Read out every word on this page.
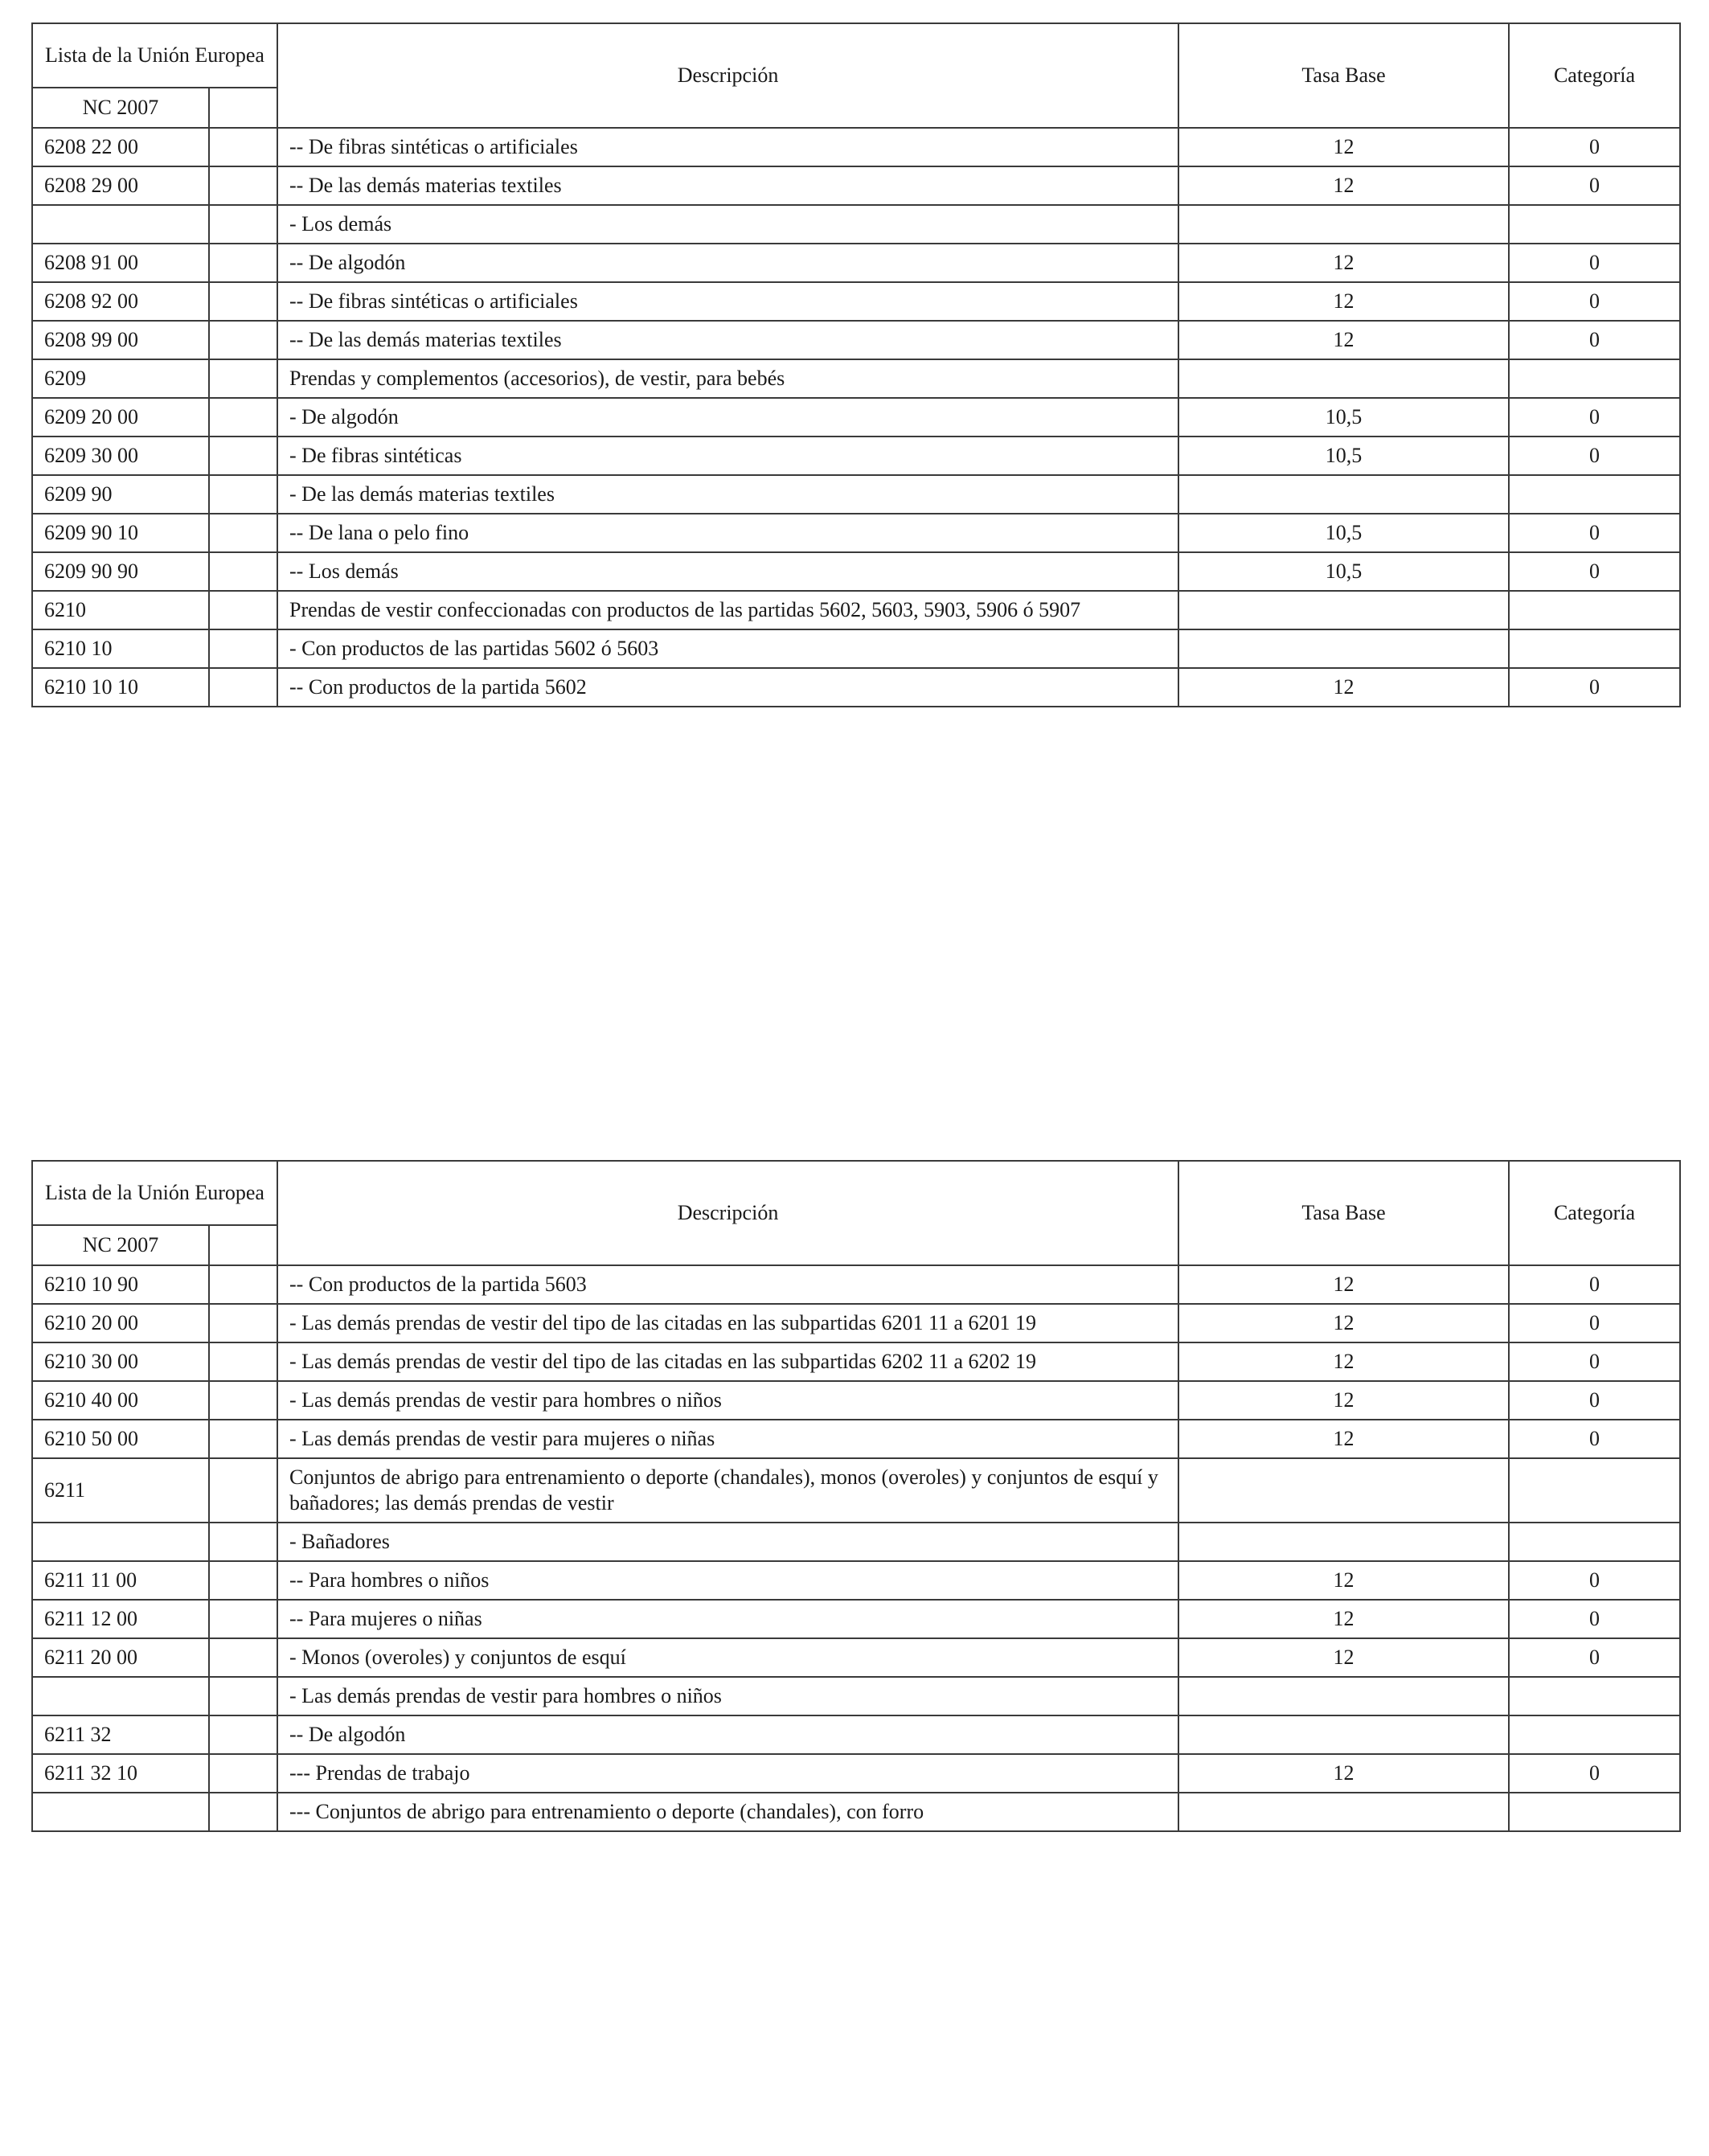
Lista de la Unión Europea		Descripción	Tasa Base	Categoría
NC 2007				
6208 22 00		-- De fibras sintéticas o artificiales	12	0
6208 29 00		-- De las demás materias textiles	12	0
		- Los demás		
6208 91 00		-- De algodón	12	0
6208 92 00		-- De fibras sintéticas o artificiales	12	0
6208 99 00		-- De las demás materias textiles	12	0
6209		Prendas y complementos (accesorios), de vestir, para bebés		
6209 20 00		- De algodón	10,5	0
6209 30 00		- De fibras sintéticas	10,5	0
6209 90		- De las demás materias textiles		
6209 90 10		-- De lana o pelo fino	10,5	0
6209 90 90		-- Los demás	10,5	0
6210		Prendas de vestir confeccionadas con productos de las partidas 5602, 5603, 5903, 5906 ó 5907		
6210 10		- Con productos de las partidas 5602 ó 5603		
6210 10 10		-- Con productos de la partida 5602	12	0
Lista de la Unión Europea		Descripción	Tasa Base	Categoría
NC 2007				
6210 10 90		-- Con productos de la partida 5603	12	0
6210 20 00		- Las demás prendas de vestir del tipo de las citadas en las subpartidas 6201 11 a 6201 19	12	0
6210 30 00		- Las demás prendas de vestir del tipo de las citadas en las subpartidas 6202 11 a 6202 19	12	0
6210 40 00		- Las demás prendas de vestir para hombres o niños	12	0
6210 50 00		- Las demás prendas de vestir para mujeres o niñas	12	0
6211		Conjuntos de abrigo para entrenamiento o deporte (chandales), monos (overoles) y conjuntos de esquí y bañadores; las demás prendas de vestir		
		- Bañadores		
6211 11 00		-- Para hombres o niños	12	0
6211 12 00		-- Para mujeres o niñas	12	0
6211 20 00		- Monos (overoles) y conjuntos de esquí	12	0
		- Las demás prendas de vestir para hombres o niños		
6211 32		-- De algodón		
6211 32 10		--- Prendas de trabajo	12	0
		--- Conjuntos de abrigo para entrenamiento o deporte (chandales), con forro		
